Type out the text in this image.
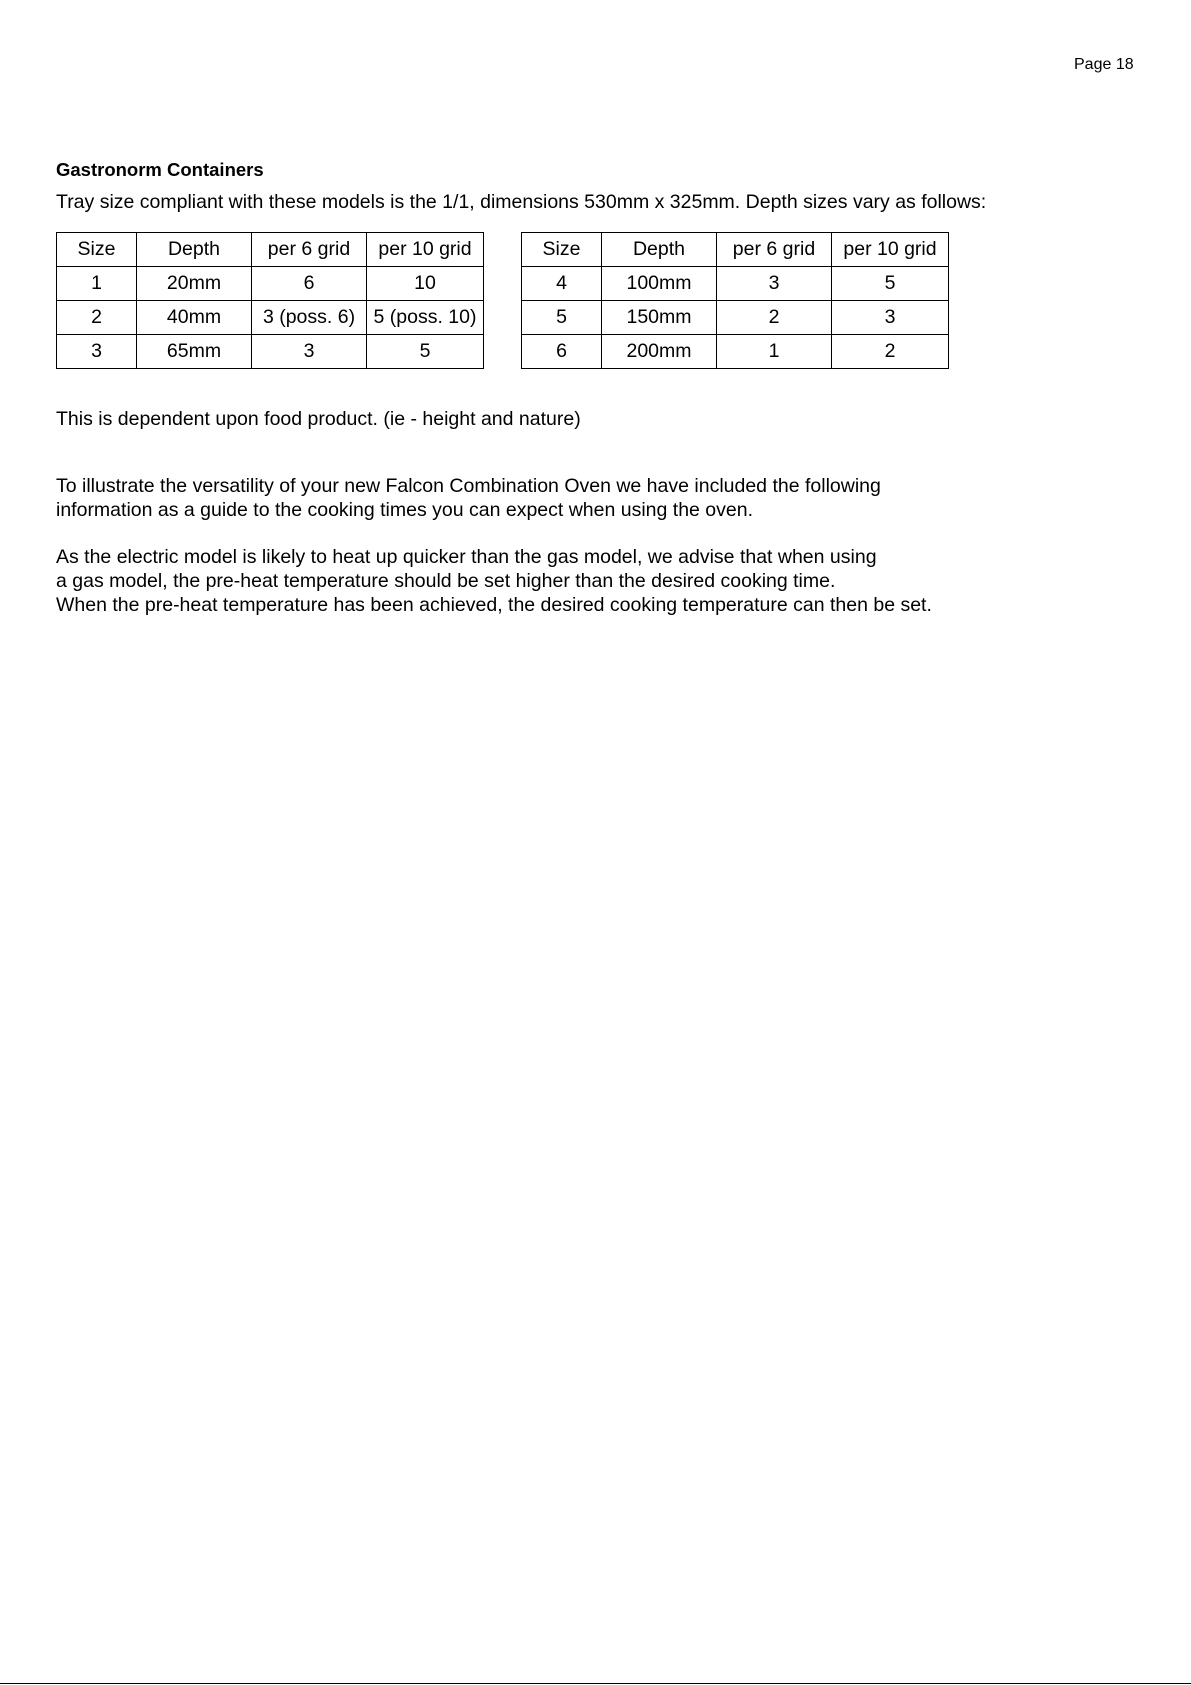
Page 18
Gastronorm Containers
Tray size compliant with these models is the 1/1, dimensions 530mm x 325mm. Depth sizes vary as follows:
Size	Depth	per 6 grid	per 10 grid
1	20mm	6	10
2	40mm	3 (poss. 6)	5 (poss. 10)
3	65mm	3	5
Size	Depth	per 6 grid	per 10 grid
4	100mm	3	5
5	150mm	2	3
6	200mm	1	2
This is dependent upon food product. (ie - height and nature)
To illustrate the versatility of your new Falcon Combination Oven we have included the following
information as a guide to the cooking times you can expect when using the oven.
As the electric model is likely to heat up quicker than the gas model, we advise that when using
a gas model, the pre-heat temperature should be set higher than the desired cooking time.
When the pre-heat temperature has been achieved, the desired cooking temperature can then be set.
